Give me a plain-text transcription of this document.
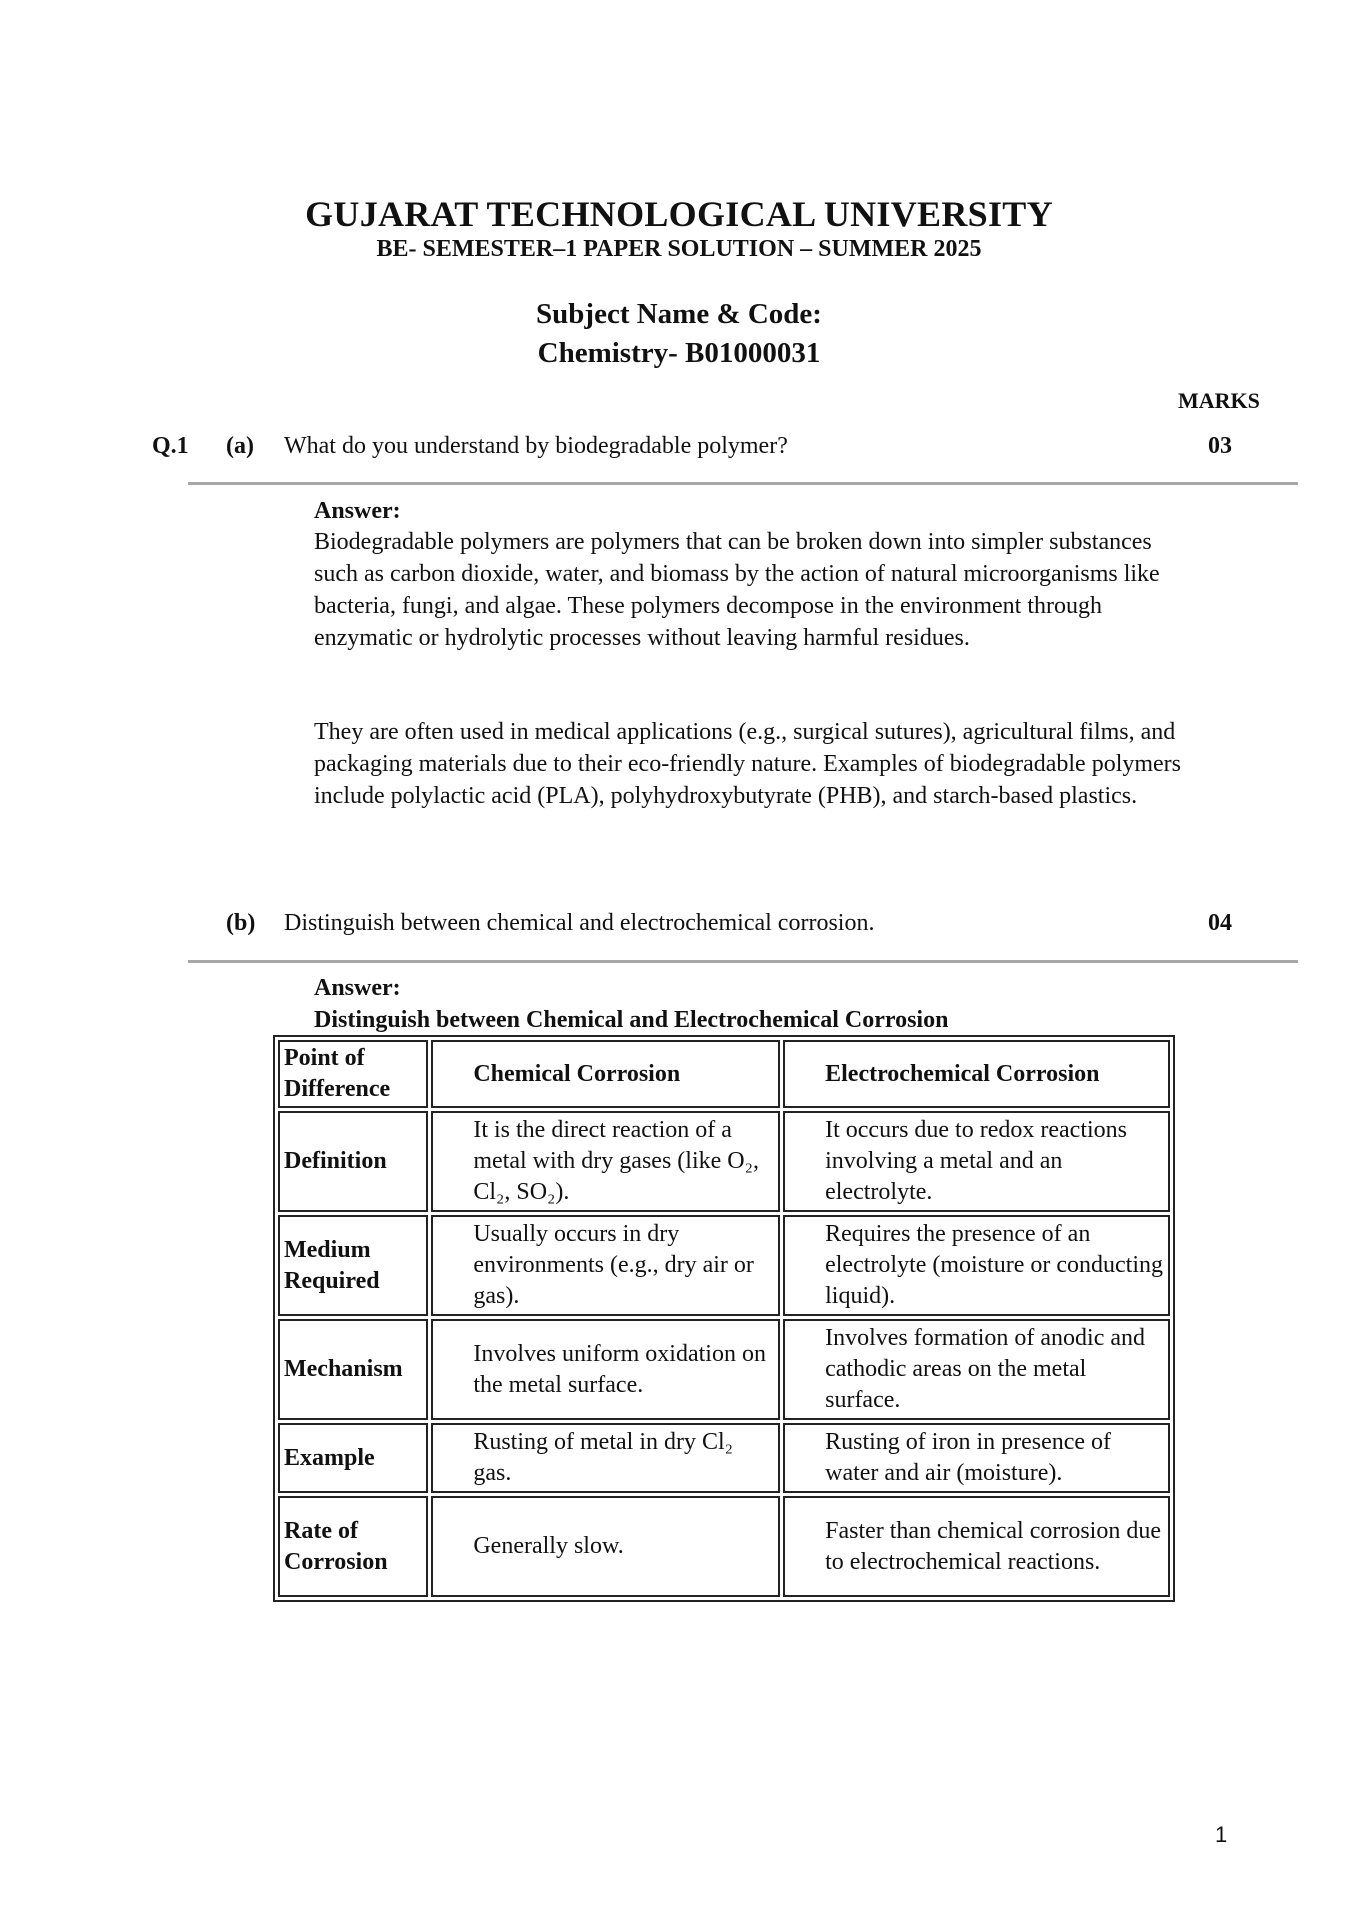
GUJARAT TECHNOLOGICAL UNIVERSITY
BE- SEMESTER–1 PAPER SOLUTION – SUMMER 2025
Subject Name & Code:
Chemistry- B01000031
MARKS
Q.1 (a) What do you understand by biodegradable polymer?	03
Answer:

Biodegradable polymers are polymers that can be broken down into simpler substances such as carbon dioxide, water, and biomass by the action of natural microorganisms like bacteria, fungi, and algae. These polymers decompose in the environment through enzymatic or hydrolytic processes without leaving harmful residues.

They are often used in medical applications (e.g., surgical sutures), agricultural films, and packaging materials due to their eco-friendly nature. Examples of biodegradable polymers include polylactic acid (PLA), polyhydroxybutyrate (PHB), and starch-based plastics.

(b) Distinguish between chemical and electrochemical corrosion.	04
Answer:
Distinguish between Chemical and Electrochemical Corrosion
Point of Difference	Chemical Corrosion	Electrochemical Corrosion
Definition	It is the direct reaction of a metal with dry gases (like O₂, Cl₂, SO₂).	It occurs due to redox reactions involving a metal and an electrolyte.
Medium Required	Usually occurs in dry environments (e.g., dry air or gas).	Requires the presence of an electrolyte (moisture or conducting liquid).
Mechanism	Involves uniform oxidation on the metal surface.	Involves formation of anodic and cathodic areas on the metal surface.
Example	Rusting of metal in dry Cl₂ gas.	Rusting of iron in presence of water and air (moisture).
Rate of Corrosion	Generally slow.	Faster than chemical corrosion due to electrochemical reactions.
1
